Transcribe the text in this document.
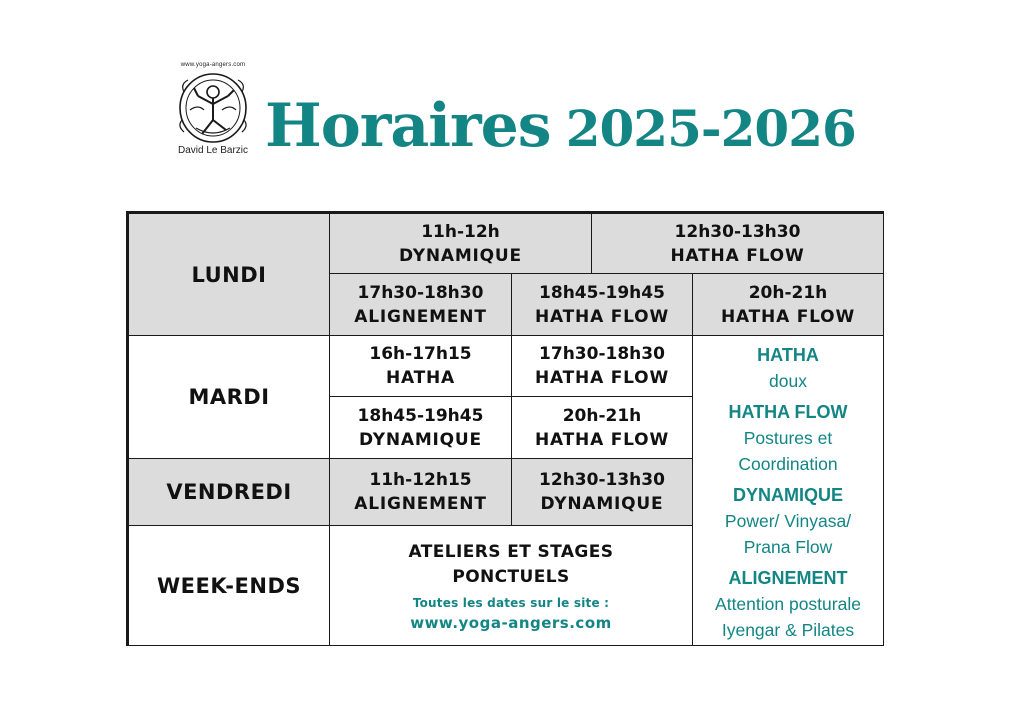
www.yoga-angers.com
David Le Barzic Horaires 2025-2026
LUNDI
11h-12h
DYNAMIQUE
12h30-13h30
HATHA FLOW
17h30-18h30
ALIGNEMENT
18h45-19h45
HATHA FLOW
20h-21h
HATHA FLOW
MARDI
16h-17h15
HATHA
17h30-18h30
HATHA FLOW
18h45-19h45
DYNAMIQUE
20h-21h
HATHA FLOW
VENDREDI	11h-12h15
ALIGNEMENT
12h30-13h30
DYNAMIQUE
WEEK-ENDS
ATELIERS ET STAGES
PONCTUELS
Toutes les dates sur le site :
www.yoga-angers.com
HATHA
doux
HATHA FLOW
Postures et
Coordination
DYNAMIQUE
Power/ Vinyasa/
Prana Flow
ALIGNEMENT
Attention posturale
Iyengar & Pilates
